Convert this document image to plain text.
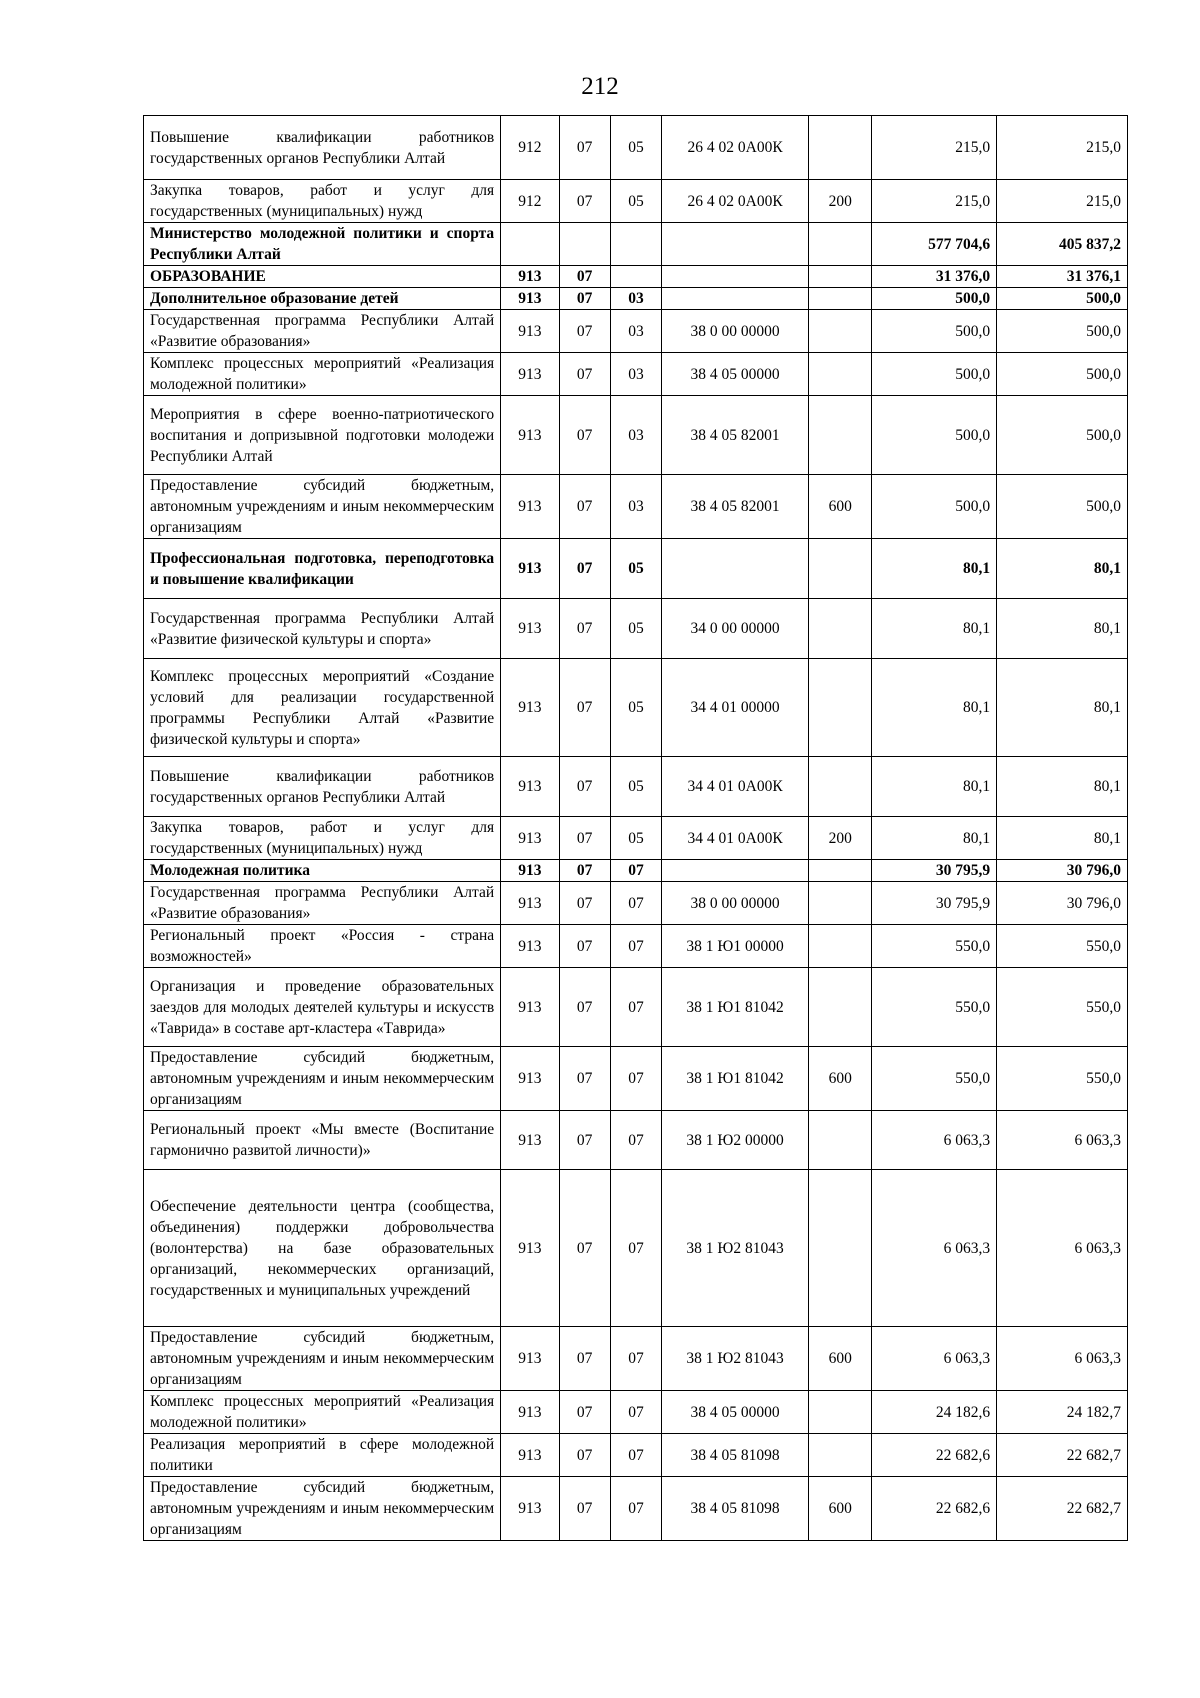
212
Повышение квалификации работников государственных органов Республики Алтай	912	07	05	26 4 02 0А00К		215,0	215,0
Закупка товаров, работ и услуг для государственных (муниципальных) нужд	912	07	05	26 4 02 0А00К	200	215,0	215,0
Министерство молодежной политики и спорта Республики Алтай						577 704,6	405 837,2
ОБРАЗОВАНИЕ	913	07				31 376,0	31 376,1
Дополнительное образование детей	913	07	03			500,0	500,0
Государственная программа Республики Алтай «Развитие образования»	913	07	03	38 0 00 00000		500,0	500,0
Комплекс процессных мероприятий «Реализация молодежной политики»	913	07	03	38 4 05 00000		500,0	500,0
Мероприятия в сфере военно-патриотического воспитания и допризывной подготовки молодежи Республики Алтай	913	07	03	38 4 05 82001		500,0	500,0
Предоставление субсидий бюджетным, автономным учреждениям и иным некоммерческим организациям	913	07	03	38 4 05 82001	600	500,0	500,0
Профессиональная подготовка, переподготовка и повышение квалификации	913	07	05			80,1	80,1
Государственная программа Республики Алтай «Развитие физической культуры и спорта»	913	07	05	34 0 00 00000		80,1	80,1
Комплекс процессных мероприятий «Создание условий для реализации государственной программы Республики Алтай «Развитие физической культуры и спорта»	913	07	05	34 4 01 00000		80,1	80,1
Повышение квалификации работников государственных органов Республики Алтай	913	07	05	34 4 01 0А00К		80,1	80,1
Закупка товаров, работ и услуг для государственных (муниципальных) нужд	913	07	05	34 4 01 0А00К	200	80,1	80,1
Молодежная политика	913	07	07			30 795,9	30 796,0
Государственная программа Республики Алтай «Развитие образования»	913	07	07	38 0 00 00000		30 795,9	30 796,0
Региональный проект «Россия - страна возможностей»	913	07	07	38 1 Ю1 00000		550,0	550,0
Организация и проведение образовательных заездов для молодых деятелей культуры и искусств «Таврида» в составе арт-кластера «Таврида»	913	07	07	38 1 Ю1 81042		550,0	550,0
Предоставление субсидий бюджетным, автономным учреждениям и иным некоммерческим организациям	913	07	07	38 1 Ю1 81042	600	550,0	550,0
Региональный проект «Мы вместе (Воспитание гармонично развитой личности)»	913	07	07	38 1 Ю2 00000		6 063,3	6 063,3
Обеспечение деятельности центра (сообщества, объединения) поддержки добровольчества (волонтерства) на базе образовательных организаций, некоммерческих организаций, государственных и муниципальных учреждений	913	07	07	38 1 Ю2 81043		6 063,3	6 063,3
Предоставление субсидий бюджетным, автономным учреждениям и иным некоммерческим организациям	913	07	07	38 1 Ю2 81043	600	6 063,3	6 063,3
Комплекс процессных мероприятий «Реализация молодежной политики»	913	07	07	38 4 05 00000		24 182,6	24 182,7
Реализация мероприятий в сфере молодежной политики	913	07	07	38 4 05 81098		22 682,6	22 682,7
Предоставление субсидий бюджетным, автономным учреждениям и иным некоммерческим организациям	913	07	07	38 4 05 81098	600	22 682,6	22 682,7
